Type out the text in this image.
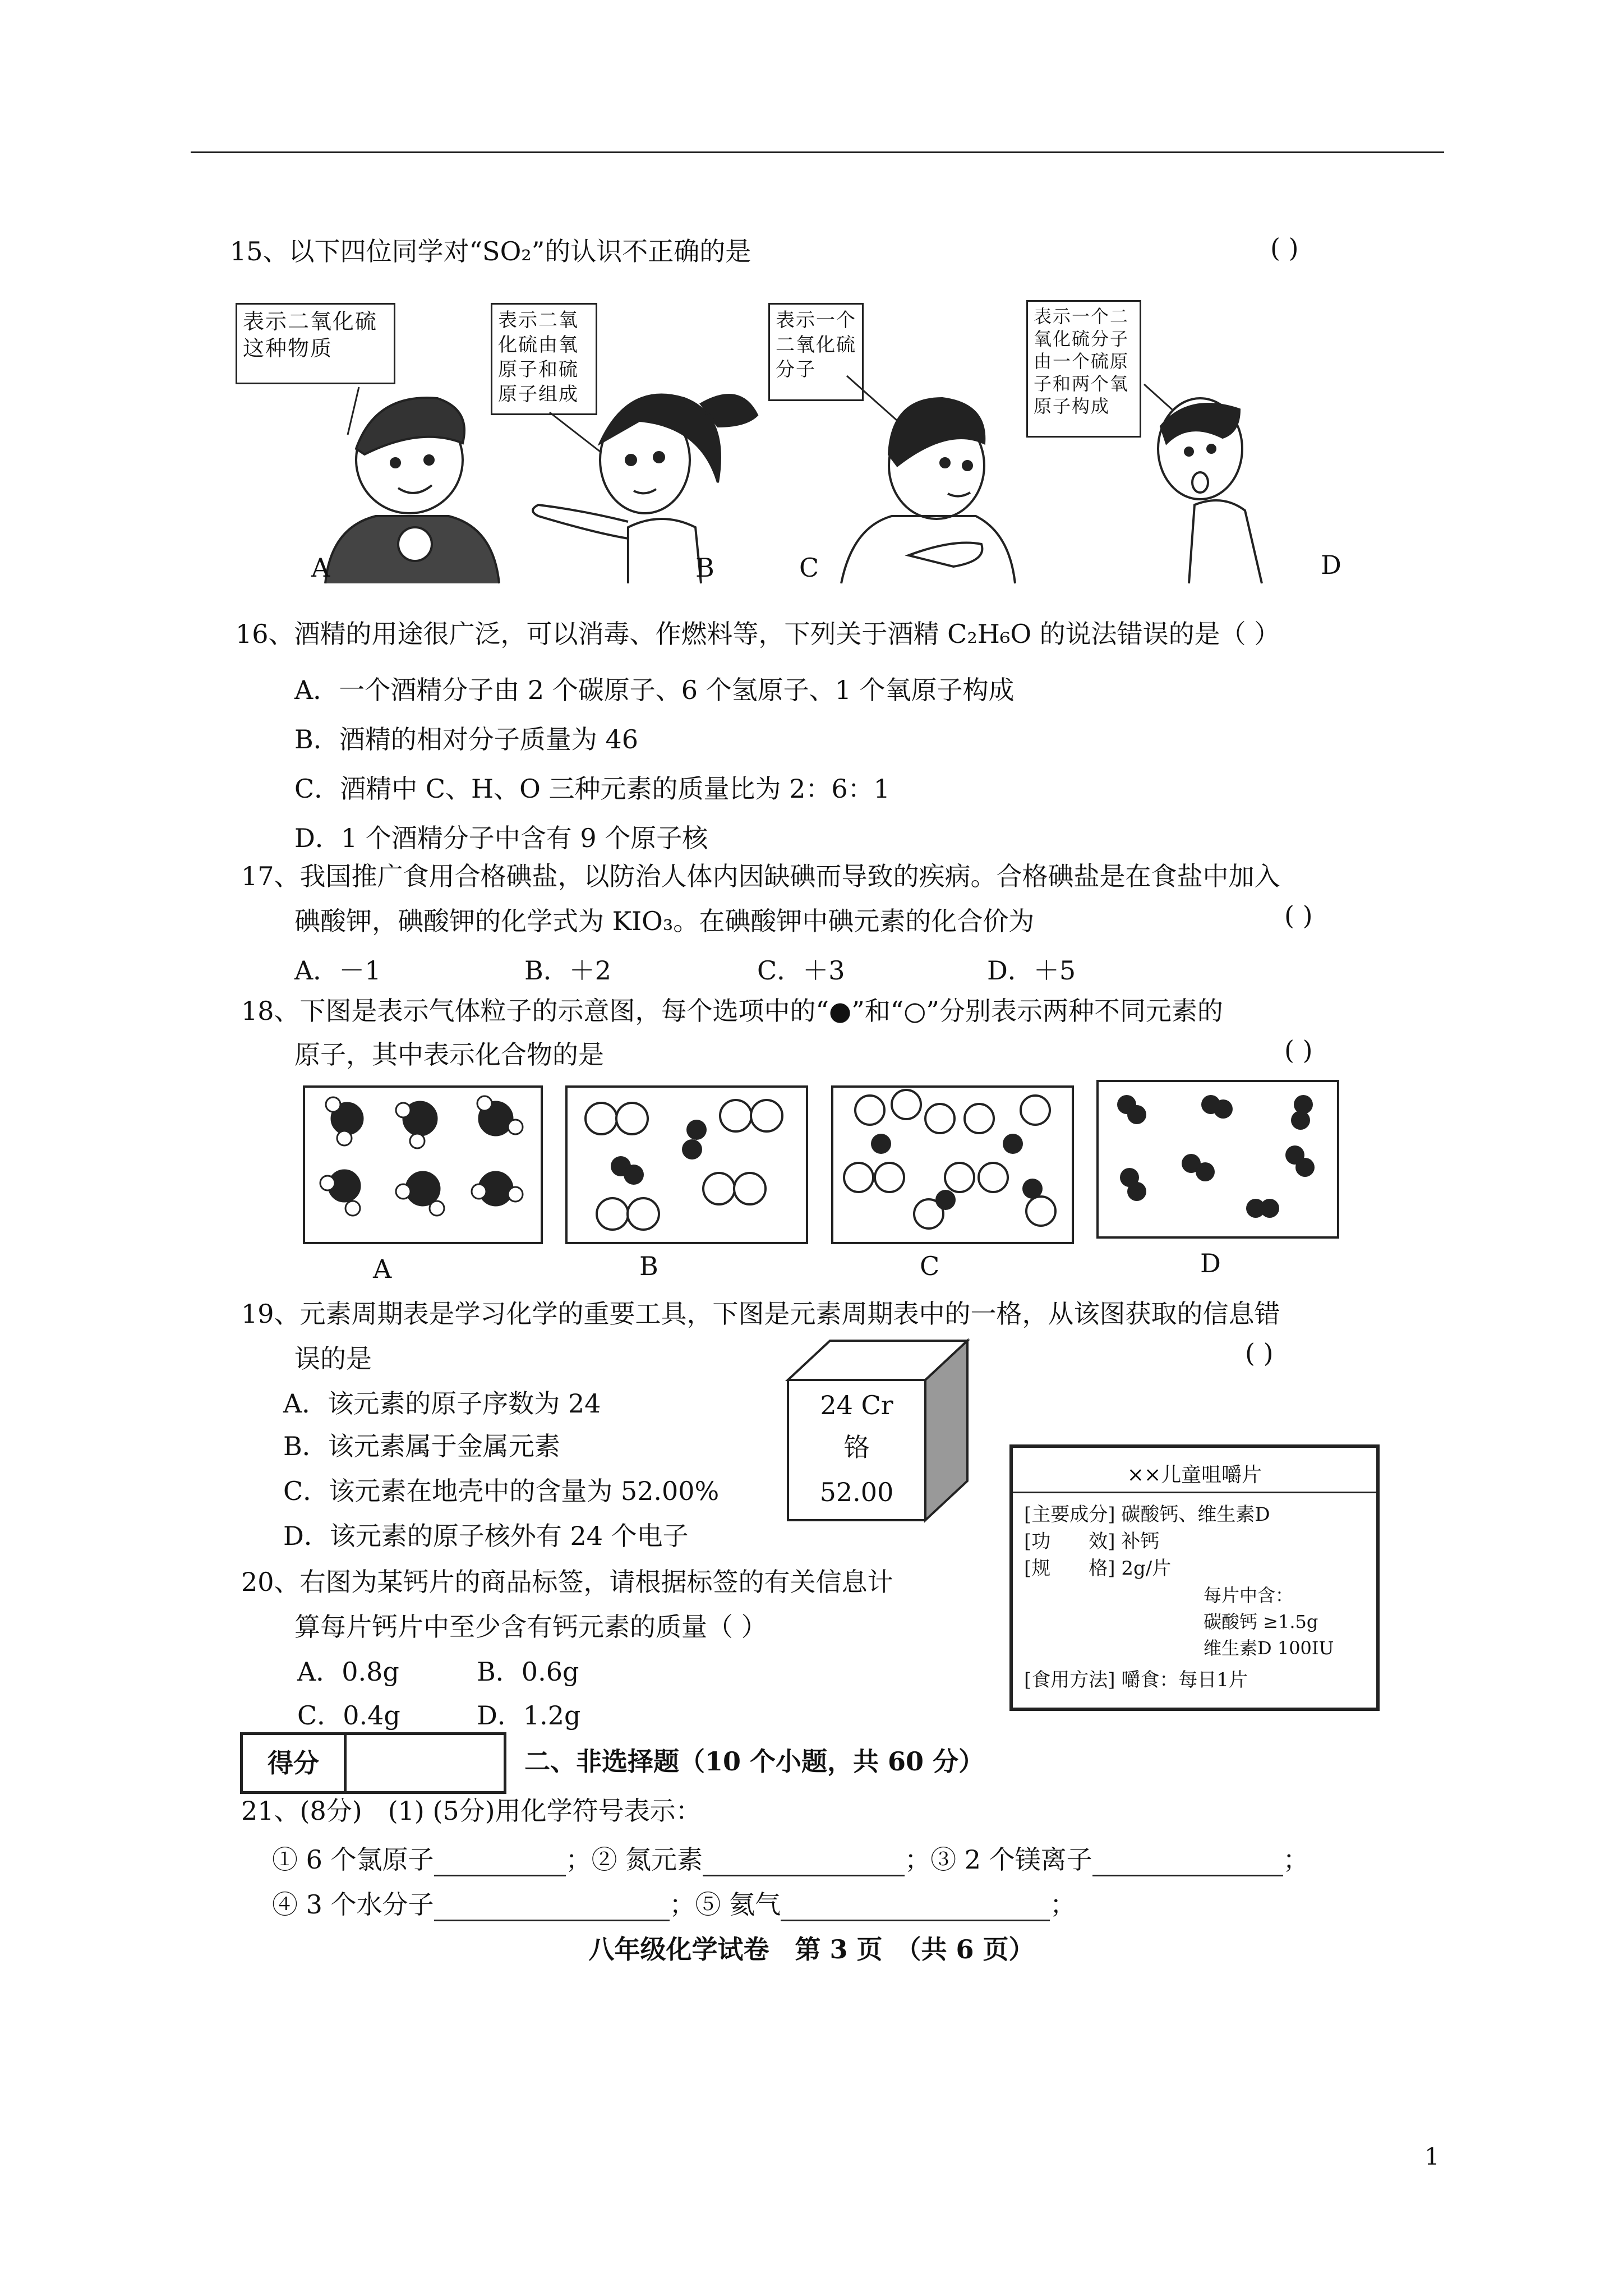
15、以下四位同学对“SO₂”的认识不正确的是	( )
表示二氧化硫这种物质
表示二氧化硫由氧原子和硫原子组成
表示一个二氧化硫分子
表示一个二氧化硫分子由一个硫原子和两个氧原子构成
A	B	C	D
16、酒精的用途很广泛，可以消毒、作燃料等，下列关于酒精 C₂H₆O 的说法错误的是（ ）
A．一个酒精分子由 2 个碳原子、6 个氢原子、1 个氧原子构成
B．酒精的相对分子质量为 46
C．酒精中 C、H、O 三种元素的质量比为 2：6：1
D．1 个酒精分子中含有 9 个原子核
17、我国推广食用合格碘盐，以防治人体内因缺碘而导致的疾病。合格碘盐是在食盐中加入
碘酸钾，碘酸钾的化学式为 KIO₃。在碘酸钾中碘元素的化合价为	( )
A．－1	B．＋2	C．＋3	D．＋5
18、下图是表示气体粒子的示意图，每个选项中的“●”和“○”分别表示两种不同元素的
原子，其中表示化合物的是	( )
A	B	C	D
19、元素周期表是学习化学的重要工具，下图是元素周期表中的一格，从该图获取的信息错
误的是	( )
A．该元素的原子序数为 24
B．该元素属于金属元素
C．该元素在地壳中的含量为 52.00%
D．该元素的原子核外有 24 个电子
24 Cr
铬
52.00
××儿童咀嚼片
[主要成分] 碳酸钙、维生素D
[功　　效] 补钙
[规　　格] 2g/片
每片中含：
碳酸钙 ≥1.5g
维生素D 100IU
[食用方法] 嚼食：每日1片
20、右图为某钙片的商品标签，请根据标签的有关信息计
算每片钙片中至少含有钙元素的质量（ ）
A．0.8g	B．0.6g
C．0.4g	D．1.2g
得分	二、非选择题（10 个小题，共 60 分）
21、(8分)　(1) (5分)用化学符号表示：
① 6 个氯原子	；② 氮元素	；③ 2 个镁离子	；
④ 3 个水分子	；⑤ 氦气	；
八年级化学试卷　第 3 页　（共 6 页）
1
